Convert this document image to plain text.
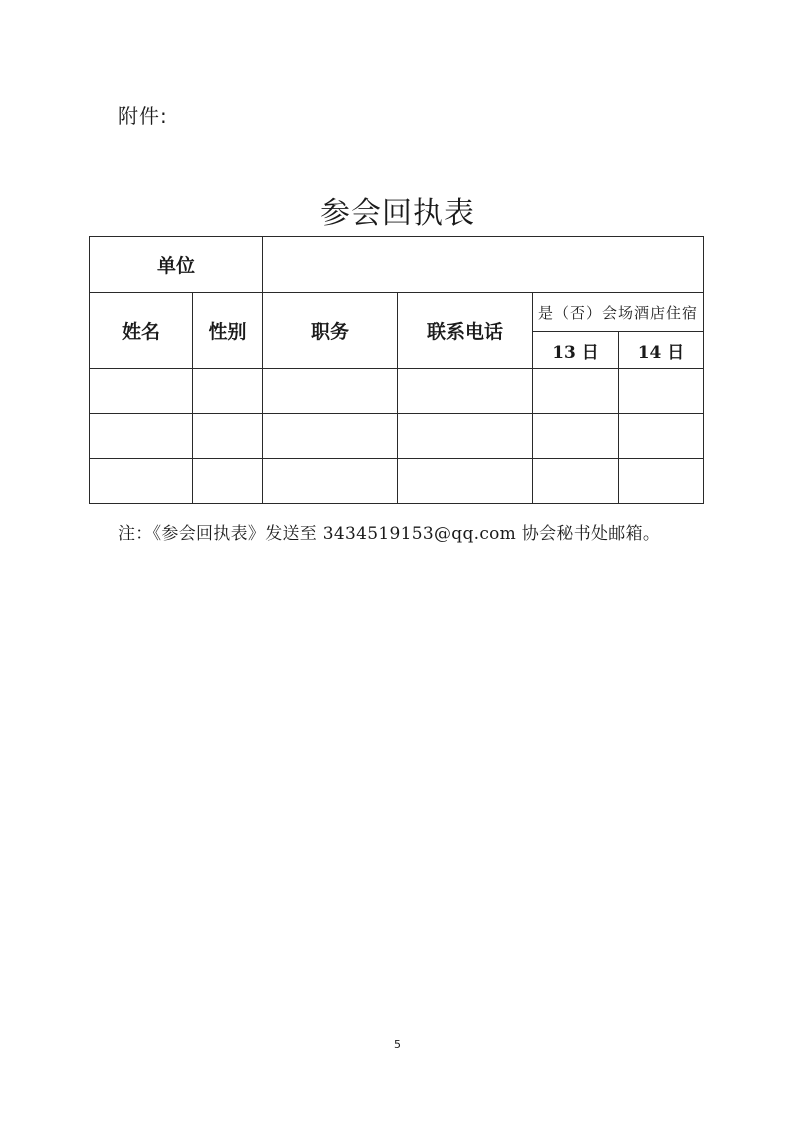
附件:
参会回执表
单位					
姓名	性别	职务	联系电话	是（否）会场酒店住宿	
				13 日	14 日

注：《参会回执表》发送至 3434519153@qq.com 协会秘书处邮箱。
5
